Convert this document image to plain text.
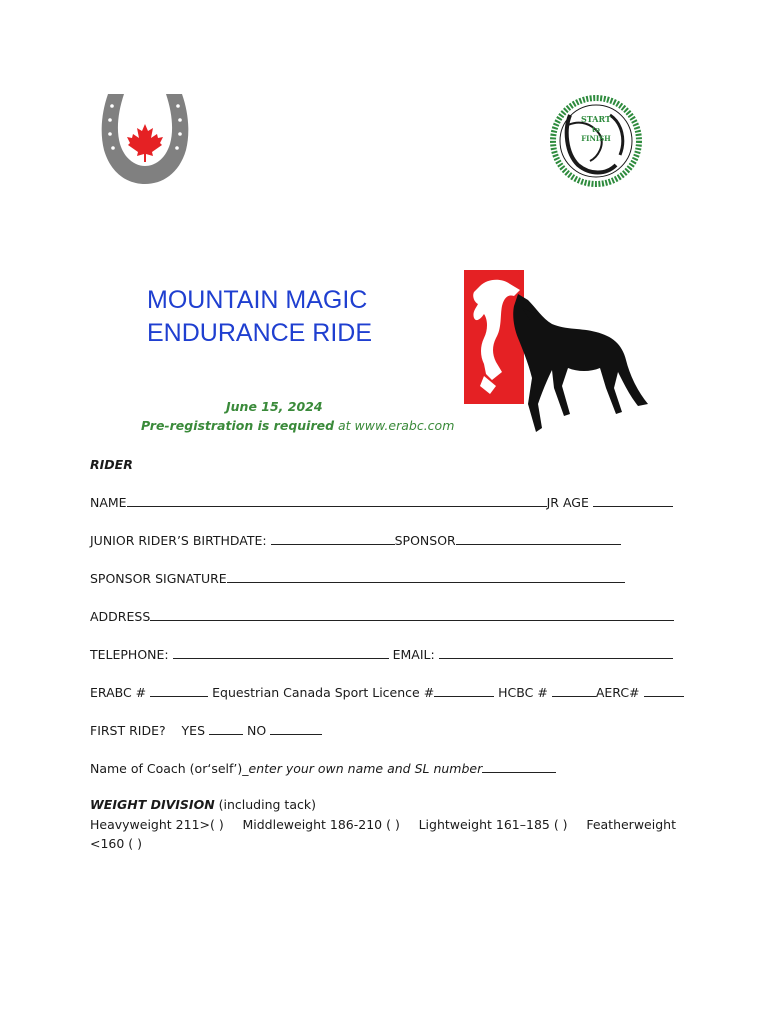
START
to
FINISH
MOUNTAIN MAGIC
ENDURANCE RIDE
June 15, 2024
Pre-registration is required at www.erabc.com
RIDER
NAME	JR AGE
JUNIOR RIDER’S BIRTHDATE:	SPONSOR
SPONSOR SIGNATURE
ADDRESS
TELEPHONE:	EMAIL:
ERABC #	Equestrian Canada Sport Licence #	HCBC #	AERC#
FIRST RIDE? YES	NO
Name of Coach (or‘self’)_enter your own name and SL number
WEIGHT DIVISION (including tack)
Heavyweight 211>( ) Middleweight 186-210 ( ) Lightweight 161–185 ( ) Featherweight
<160 ( )
